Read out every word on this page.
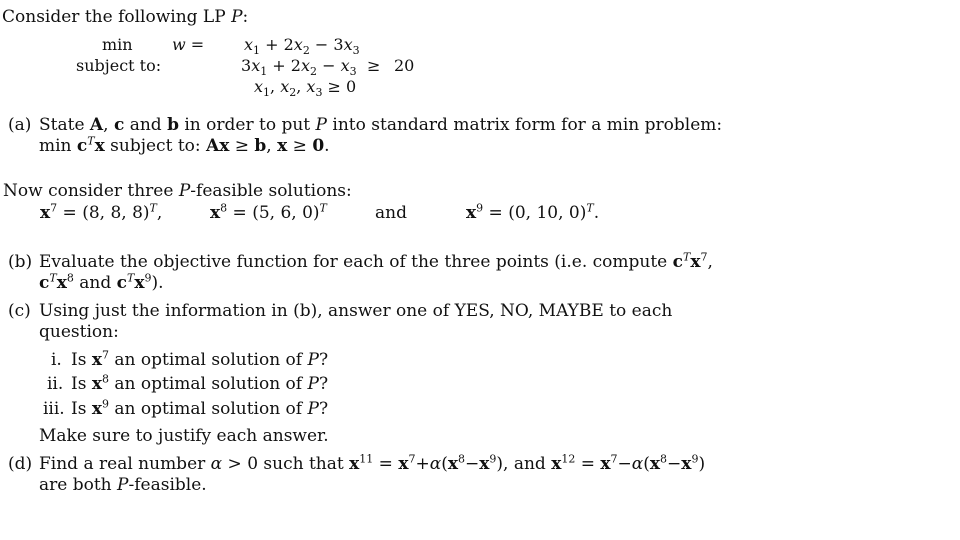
Consider the following LP P:
$\min w = x_1 + 2x_2 - 3x_3$
subject to:	$3x_1 + 2x_2 - x_3 \ge 20$
$x_1$, $x_2$, $x_3 \ge 0$
(a) State A, c and b in order to put P into standard matrix form for a min problem:
$\min c^Tx$ subject to: Ax ≥ b, x ≥ 0.
Now consider three P-feasible solutions:
$x^7 = (8$, 8, 8)$^T$,	$x^8 = (5$, 6, 0)$^T$	and	$x^9 = (0$, 10, 0)$^T$.
(b) Evaluate the objective function for each of the three points (i.e. compute $c^Tx^7$,
$c^Tx^8$ and $c^Tx^9$).
(c) Using just the information in (b), answer one of YES, NO, MAYBE to each
question:
i. Is $x^7$ an optimal solution of P?
ii. Is $x^8$ an optimal solution of P?
iii. Is $x^9$ an optimal solution of P?
Make sure to justify each answer.
(d) Find a real number α > 0 such that $x^{11} = x^7+\alpha(x^8-x^9)$, and $x^{12} = x^7-\alpha(x^8-x^9)$
are both P-feasible.
